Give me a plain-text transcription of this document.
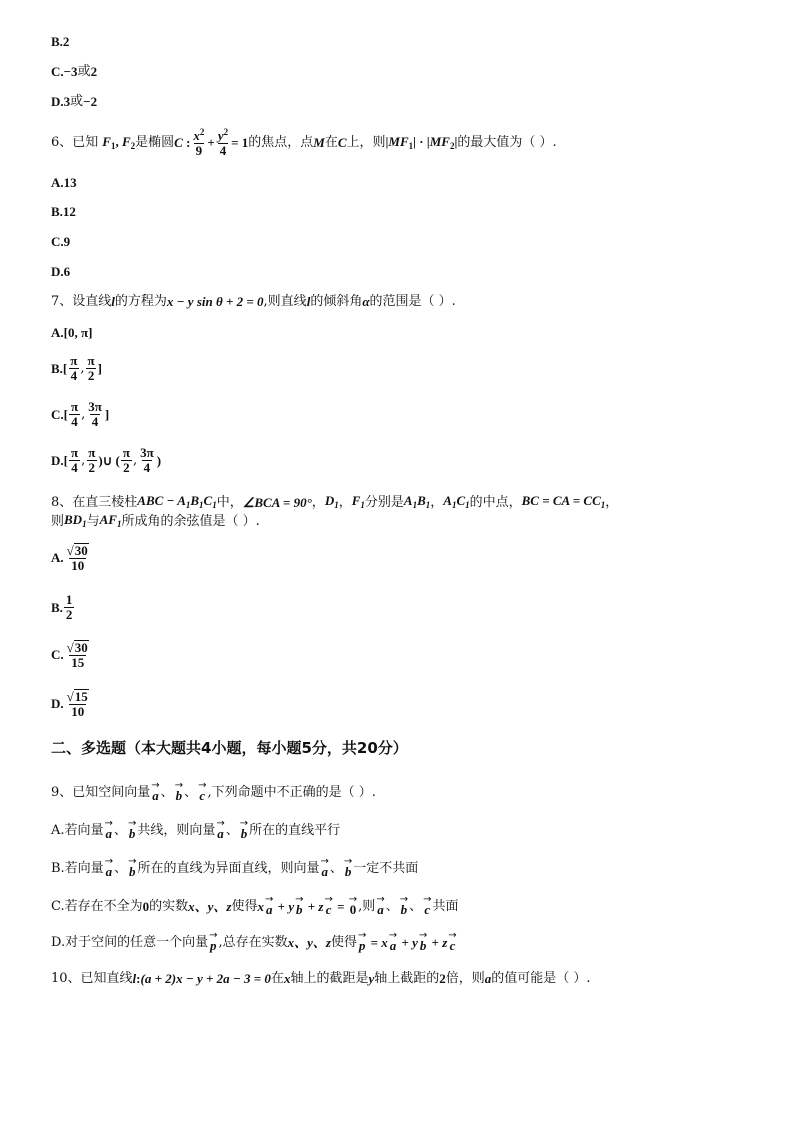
B.2
C. −3 或 2
D. 3 或 −2
6、已知 $F_1$, $F_2$ 是椭圆 C : $\frac{x^2}{9} + \frac{y^2}{4} = 1$ 的焦点，点 M 在 C 上，则 $|MF_1| \cdot |MF_2|$ 的最大值为（ ）.
A.13
B.12
C.9
D.6
7、设直线 l 的方程为 x − y sin θ + 2 = 0 ,则直线 l 的倾斜角 α 的范围是（ ）.
A.[0, π]
$B.[ \frac{\pi}{4}$ , $\frac{\pi}{2}$ ]
$C.[ \frac{\pi}{4}$ , $\frac{3\pi}{4}$ ]
$D.[ \frac{\pi}{4}$ , $\frac{\pi}{2}$ ) ∪ ( $\frac{\pi}{2}$ , $\frac{3\pi}{4}$ )
8、在直三棱柱 ABC − $A_1B_1C_1$ 中， ∠BCA = 90° ， $D_1$ ， $F_1$ 分别是 $A_1B_1$ ， $A_1C_1$ 的中点， BC = CA = $CC_1$ ，
则 $BD_1$ 与 $AF_1$ 所成角的余弦值是（ ）.
A. $\frac{√ 30}{10}$
B. $\frac{1}{2}$
C. $\frac{√ 30}{15}$
D. $\frac{√ 15}{10}$
二、多选题（本大题共4小题，每小题5分，共20分）
9、已知空间向量 →
a 、 →
b 、 →
c ,下列命题中不正确的是（ ）.
A.若向量 →
a 、 →
b 共线，则向量 →
a 、 →
b 所在的直线平行
B.若向量 →
a 、 →
b 所在的直线为异面直线，则向量 →
a 、 →
b 一定不共面
C.若存在不全为 0 的实数 x、y、z 使得 x →
a + y →
b + z →
c = →
0 ,则 →
a 、 →
b 、 →
c 共面
D.对于空间的任意一个向量 →
p ,总存在实数 x、y、z 使得 →
p = x →
a + y →
b + z →
c
10、已知直线 l: (a + 2)x − y + 2a − 3 = 0 在 x 轴上的截距是 y 轴上截距的 2 倍，则 a 的值可能是（ ）.
